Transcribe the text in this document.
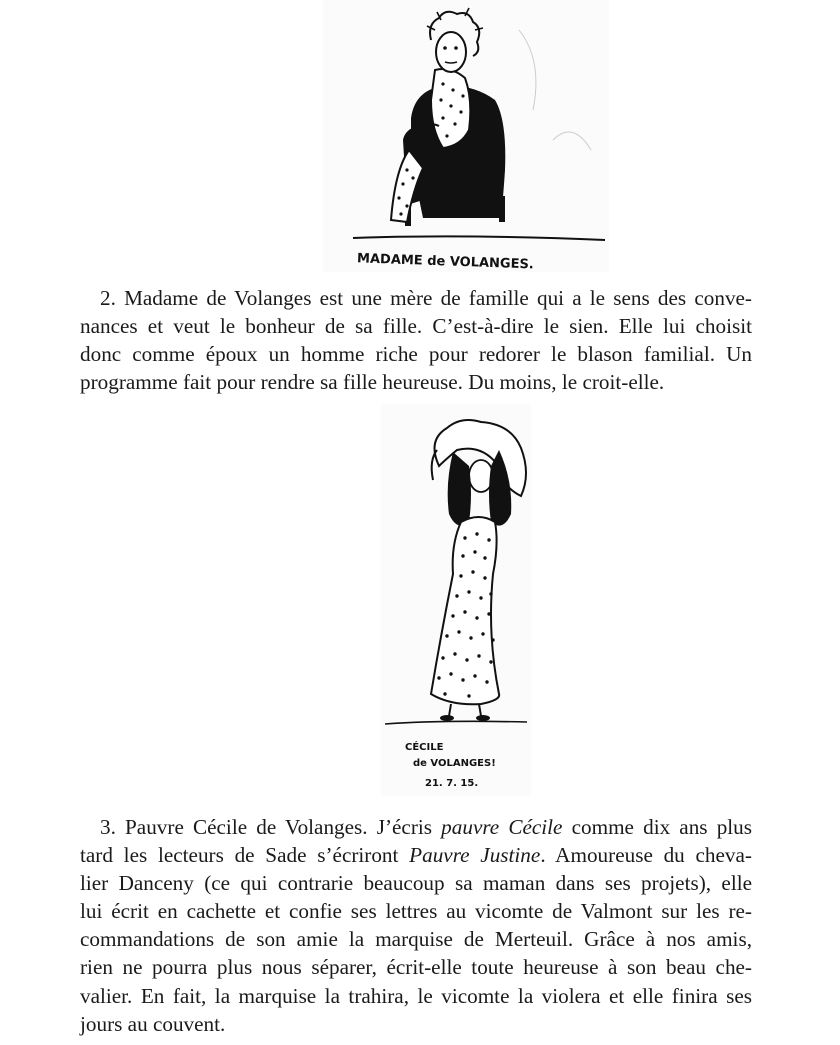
MADAME de VOLANGES.
2. Madame de Volanges est une mère de famille qui a le sens des conve-
nances et veut le bonheur de sa fille. C’est-à-dire le sien. Elle lui choisit
donc comme époux un homme riche pour redorer le blason familial. Un
programme fait pour rendre sa fille heureuse. Du moins, le croit-elle.
CÉCILE
de VOLANGES!
21. 7. 15.
3. Pauvre Cécile de Volanges. J’écris pauvre Cécile comme dix ans plus
tard les lecteurs de Sade s’écriront Pauvre Justine. Amoureuse du cheva-
lier Danceny (ce qui contrarie beaucoup sa maman dans ses projets), elle
lui écrit en cachette et confie ses lettres au vicomte de Valmont sur les re-
commandations de son amie la marquise de Merteuil. Grâce à nos amis,
rien ne pourra plus nous séparer, écrit-elle toute heureuse à son beau che-
valier. En fait, la marquise la trahira, le vicomte la violera et elle finira ses
jours au couvent.
